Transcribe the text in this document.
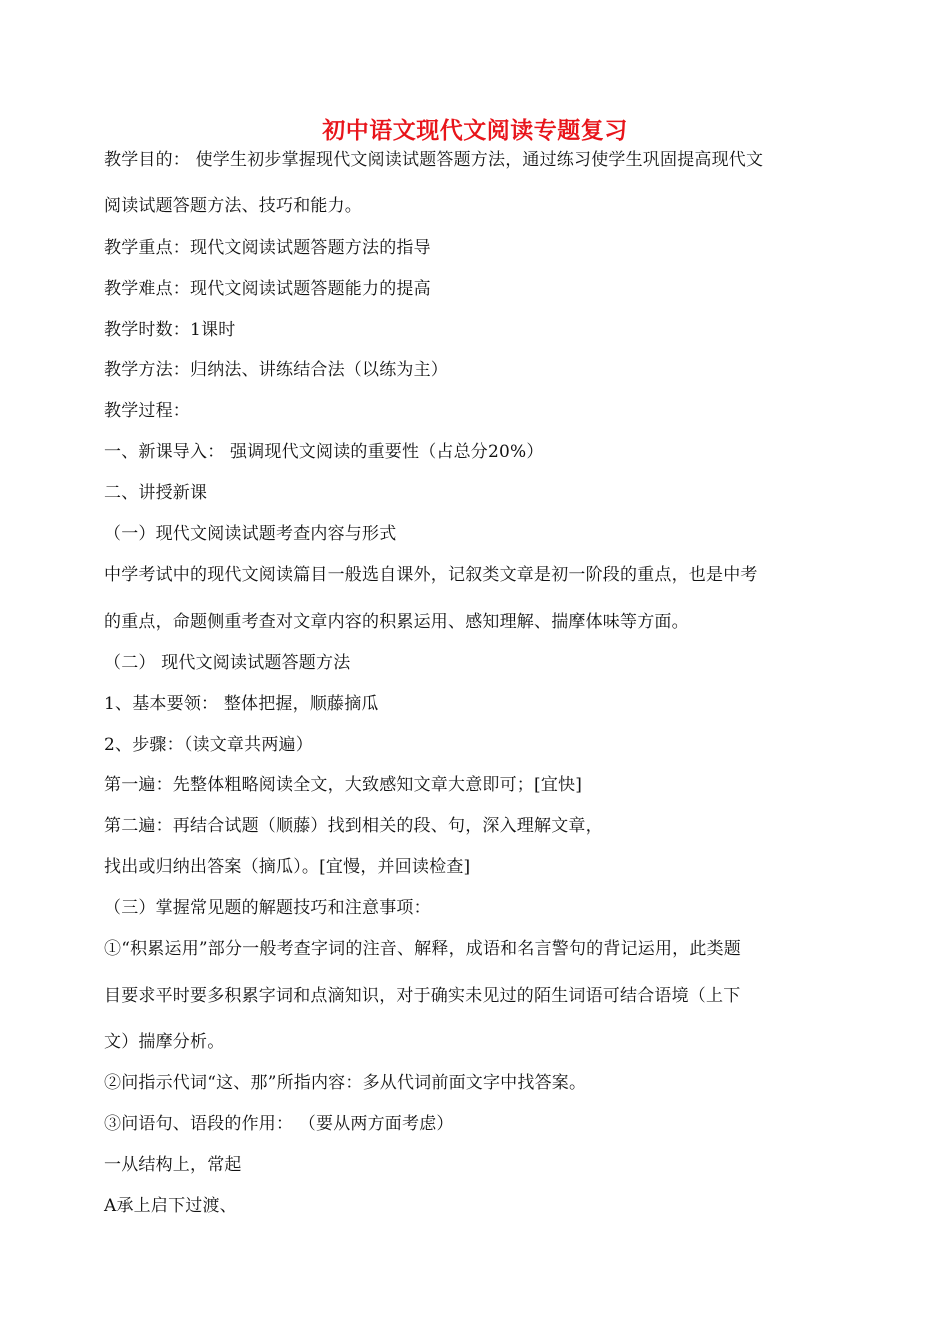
初中语文现代文阅读专题复习
教学目的： 使学生初步掌握现代文阅读试题答题方法，通过练习使学生巩固提高现代文
阅读试题答题方法、技巧和能力。
教学重点：现代文阅读试题答题方法的指导
教学难点：现代文阅读试题答题能力的提高
教学时数：1课时
教学方法：归纳法、讲练结合法（以练为主）
教学过程：
一、新课导入： 强调现代文阅读的重要性（占总分20%）
二、讲授新课
（一）现代文阅读试题考查内容与形式
中学考试中的现代文阅读篇目一般选自课外，记叙类文章是初一阶段的重点，也是中考
的重点，命题侧重考查对文章内容的积累运用、感知理解、揣摩体味等方面。
（二） 现代文阅读试题答题方法
1、基本要领： 整体把握，顺藤摘瓜
2、步骤：（读文章共两遍）
第一遍：先整体粗略阅读全文，大致感知文章大意即可；[宜快]
第二遍：再结合试题（顺藤）找到相关的段、句，深入理解文章，
找出或归纳出答案（摘瓜）。[宜慢，并回读检查]
（三）掌握常见题的解题技巧和注意事项：
①“积累运用”部分一般考查字词的注音、解释，成语和名言警句的背记运用，此类题
目要求平时要多积累字词和点滴知识，对于确实未见过的陌生词语可结合语境（上下
文）揣摩分析。
②问指示代词“这、那”所指内容：多从代词前面文字中找答案。
③问语句、语段的作用： （要从两方面考虑）
一从结构上，常起
A承上启下过渡、
